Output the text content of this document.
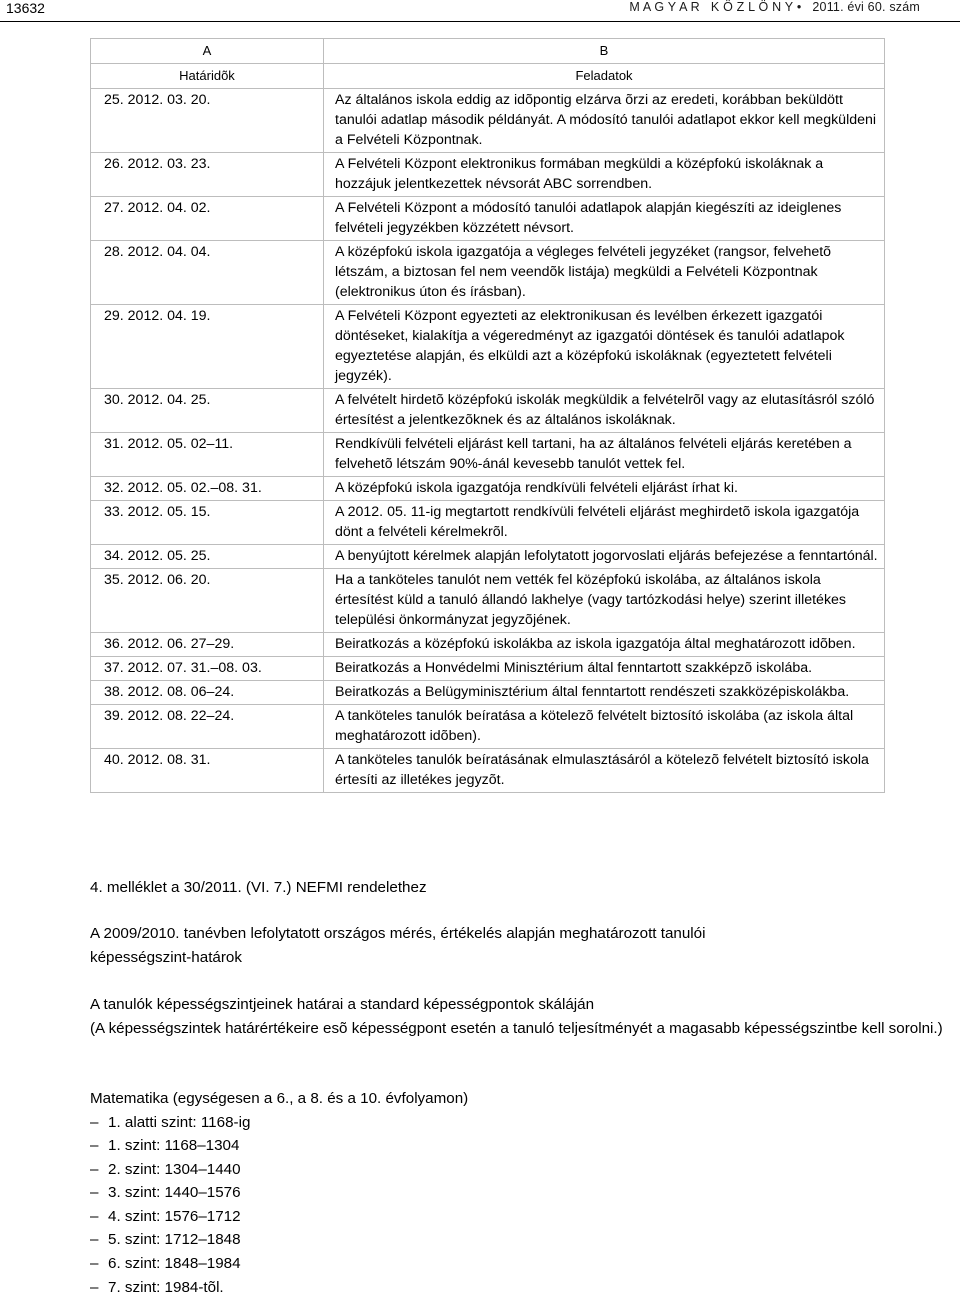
13632	M A G Y A R   K Ö Z L Ö N Y •   2011. évi 60. szám
A	B
Határidõk	Feladatok
25. 2012. 03. 20.	Az általános iskola eddig az idõpontig elzárva õrzi az eredeti, korábban beküldött tanulói adatlap második példányát. A módosító tanulói adatlapot ekkor kell megküldeni a Felvételi Központnak.
26. 2012. 03. 23.	A Felvételi Központ elektronikus formában megküldi a középfokú iskoláknak a hozzájuk jelentkezettek névsorát ABC sorrendben.
27. 2012. 04. 02.	A Felvételi Központ a módosító tanulói adatlapok alapján kiegészíti az ideiglenes felvételi jegyzékben közzétett névsort.
28. 2012. 04. 04.	A középfokú iskola igazgatója a végleges felvételi jegyzéket (rangsor, felvehetõ létszám, a biztosan fel nem veendõk listája) megküldi a Felvételi Központnak (elektronikus úton és írásban).
29. 2012. 04. 19.	A Felvételi Központ egyezteti az elektronikusan és levélben érkezett igazgatói döntéseket, kialakítja a végeredményt az igazgatói döntések és tanulói adatlapok egyeztetése alapján, és elküldi azt a középfokú iskoláknak (egyeztetett felvételi jegyzék).
30. 2012. 04. 25.	A felvételt hirdetõ középfokú iskolák megküldik a felvételrõl vagy az elutasításról szóló értesítést a jelentkezõknek és az általános iskoláknak.
31. 2012. 05. 02–11.	Rendkívüli felvételi eljárást kell tartani, ha az általános felvételi eljárás keretében a felvehetõ létszám 90%-ánál kevesebb tanulót vettek fel.
32. 2012. 05. 02.–08. 31.	A középfokú iskola igazgatója rendkívüli felvételi eljárást írhat ki.
33. 2012. 05. 15.	A 2012. 05. 11-ig megtartott rendkívüli felvételi eljárást meghirdetõ iskola igazgatója dönt a felvételi kérelmekrõl.
34. 2012. 05. 25.	A benyújtott kérelmek alapján lefolytatott jogorvoslati eljárás befejezése a fenntartónál.
35. 2012. 06. 20.	Ha a tanköteles tanulót nem vették fel középfokú iskolába, az általános iskola értesítést küld a tanuló állandó lakhelye (vagy tartózkodási helye) szerint illetékes települési önkormányzat jegyzõjének.
36. 2012. 06. 27–29.	Beiratkozás a középfokú iskolákba az iskola igazgatója által meghatározott idõben.
37. 2012. 07. 31.–08. 03.	Beiratkozás a Honvédelmi Minisztérium által fenntartott szakképzõ iskolába.
38. 2012. 08. 06–24.	Beiratkozás a Belügyminisztérium által fenntartott rendészeti szakközépiskolákba.
39. 2012. 08. 22–24.	A tanköteles tanulók beíratása a kötelezõ felvételt biztosító iskolába (az iskola által meghatározott idõben).
40. 2012. 08. 31.	A tanköteles tanulók beíratásának elmulasztásáról a kötelezõ felvételt biztosító iskola értesíti az illetékes jegyzõt.
4. melléklet a 30/2011. (VI. 7.) NEFMI rendelethez
A 2009/2010. tanévben lefolytatott országos mérés, értékelés alapján meghatározott tanulói képességszint-határok
A tanulók képességszintjeinek határai a standard képességpontok skáláján
(A képességszintek határértékeire esõ képességpont esetén a tanuló teljesítményét a magasabb képességszintbe kell sorolni.)
Matematika (egységesen a 6., a 8. és a 10. évfolyamon)
– 1. alatti szint: 1168-ig
– 1. szint: 1168–1304
– 2. szint: 1304–1440
– 3. szint: 1440–1576
– 4. szint: 1576–1712
– 5. szint: 1712–1848
– 6. szint: 1848–1984
– 7. szint: 1984-tõl.
